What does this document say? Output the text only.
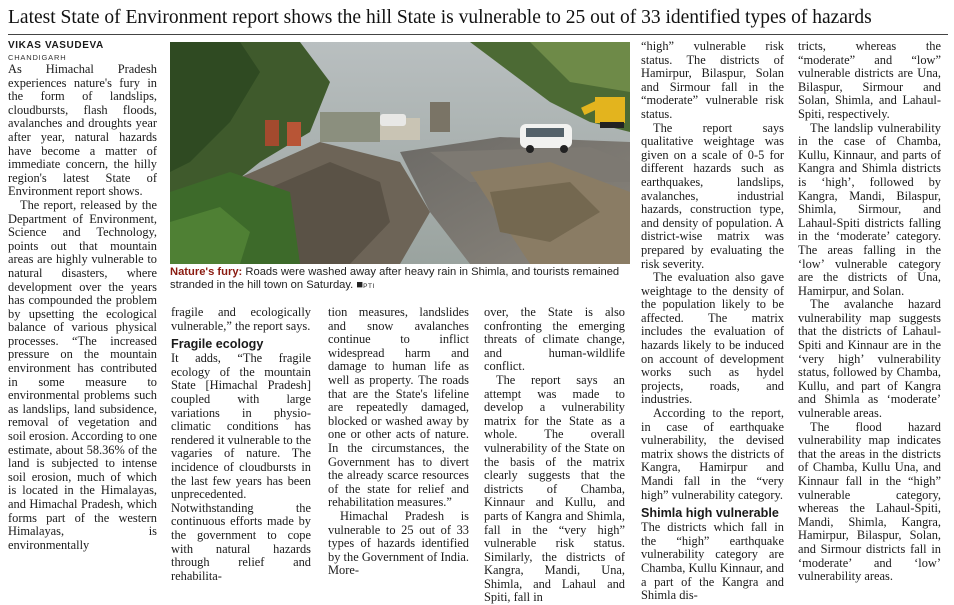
Latest State of Environment report shows the hill State is vulnerable to 25 out of 33 identified types of hazards
VIKAS VASUDEVA
CHANDIGARH

As Himachal Pradesh experiences nature's fury in the form of landslips, cloudbursts, flash floods, avalanches and droughts year after year, natural hazards have become a matter of immediate concern, the hilly region's latest State of Environment report shows.

The report, released by the Department of Environment, Science and Technology, points out that mountain areas are highly vulnerable to natural disasters, where development over the years has compounded the problem by upsetting the ecological balance of various physical processes. “The increased pressure on the mountain environment has contributed in some measure to environmental problems such as landslips, land subsidence, removal of vegetation and soil erosion. According to one estimate, about 58.36% of the land is subjected to intense soil erosion, much of which is located in the Himalayas, and Himachal Pradesh, which forms part of the western Himalayas, is environmentally

Nature's fury: Roads were washed away after heavy rain in Shimla, and tourists remained stranded in the hill town on Saturday. ■PTI

fragile and ecologically vulnerable,” the report says.

Fragile ecology

It adds, “The fragile ecology of the mountain State [Himachal Pradesh] coupled with large variations in physio-climatic conditions has rendered it vulnerable to the vagaries of nature. The incidence of cloudbursts in the last few years has been unprecedented. Notwithstanding the continuous efforts made by the government to cope with natural hazards through relief and rehabilita-

tion measures, landslides and snow avalanches continue to inflict widespread harm and damage to human life as well as property. The roads that are the State's lifeline are repeatedly damaged, blocked or washed away by one or other acts of nature. In the circumstances, the Government has to divert the already scarce resources of the state for relief and rehabilitation measures.”

Himachal Pradesh is vulnerable to 25 out of 33 types of hazards identified by the Government of India. More-

over, the State is also confronting the emerging threats of climate change, and human-wildlife conflict.

The report says an attempt was made to develop a vulnerability matrix for the State as a whole. The overall vulnerability of the State on the basis of the matrix clearly suggests that the districts of Chamba, Kinnaur and Kullu, and parts of Kangra and Shimla, fall in the “very high” vulnerable risk status. Similarly, the districts of Kangra, Mandi, Una, Shimla, and Lahaul and Spiti, fall in

“high” vulnerable risk status. The districts of Hamirpur, Bilaspur, Solan and Sirmour fall in the “moderate” vulnerable risk status.

The report says qualitative weightage was given on a scale of 0-5 for different hazards such as earthquakes, landslips, avalanches, industrial hazards, construction type, and density of population. A district-wise matrix was prepared by evaluating the risk severity.

The evaluation also gave weightage to the density of the population likely to be affected. The matrix includes the evaluation of hazards likely to be induced on account of development works such as hydel projects, roads, and industries.

According to the report, in case of earthquake vulnerability, the devised matrix shows the districts of Kangra, Hamirpur and Mandi fall in the “very high” vulnerability category.

Shimla high vulnerable

The districts which fall in the “high” earthquake vulnerability category are Chamba, Kullu Kinnaur, and a part of the Kangra and Shimla dis-

tricts, whereas the “moderate” and “low” vulnerable districts are Una, Bilaspur, Sirmour and Solan, Shimla, and Lahaul-Spiti, respectively.

The landslip vulnerability in the case of Chamba, Kullu, Kinnaur, and parts of Kangra and Shimla districts is ‘high’, followed by Kangra, Mandi, Bilaspur, Shimla, Sirmour, and Lahaul-Spiti districts falling in the ‘moderate’ category. The areas falling in the ‘low’ vulnerable category are the districts of Una, Hamirpur, and Solan.

The avalanche hazard vulnerability map suggests that the districts of Lahaul-Spiti and Kinnaur are in the ‘very high’ vulnerability status, followed by Chamba, Kullu, and part of Kangra and Shimla as ‘moderate’ vulnerable areas.

The flood hazard vulnerability map indicates that the areas in the districts of Chamba, Kullu Una, and Kinnaur fall in the “high” vulnerable category, whereas the Lahaul-Spiti, Mandi, Shimla, Kangra, Hamirpur, Bilaspur, Solan, and Sirmour districts fall in ‘moderate’ and ‘low’ vulnerability areas.
